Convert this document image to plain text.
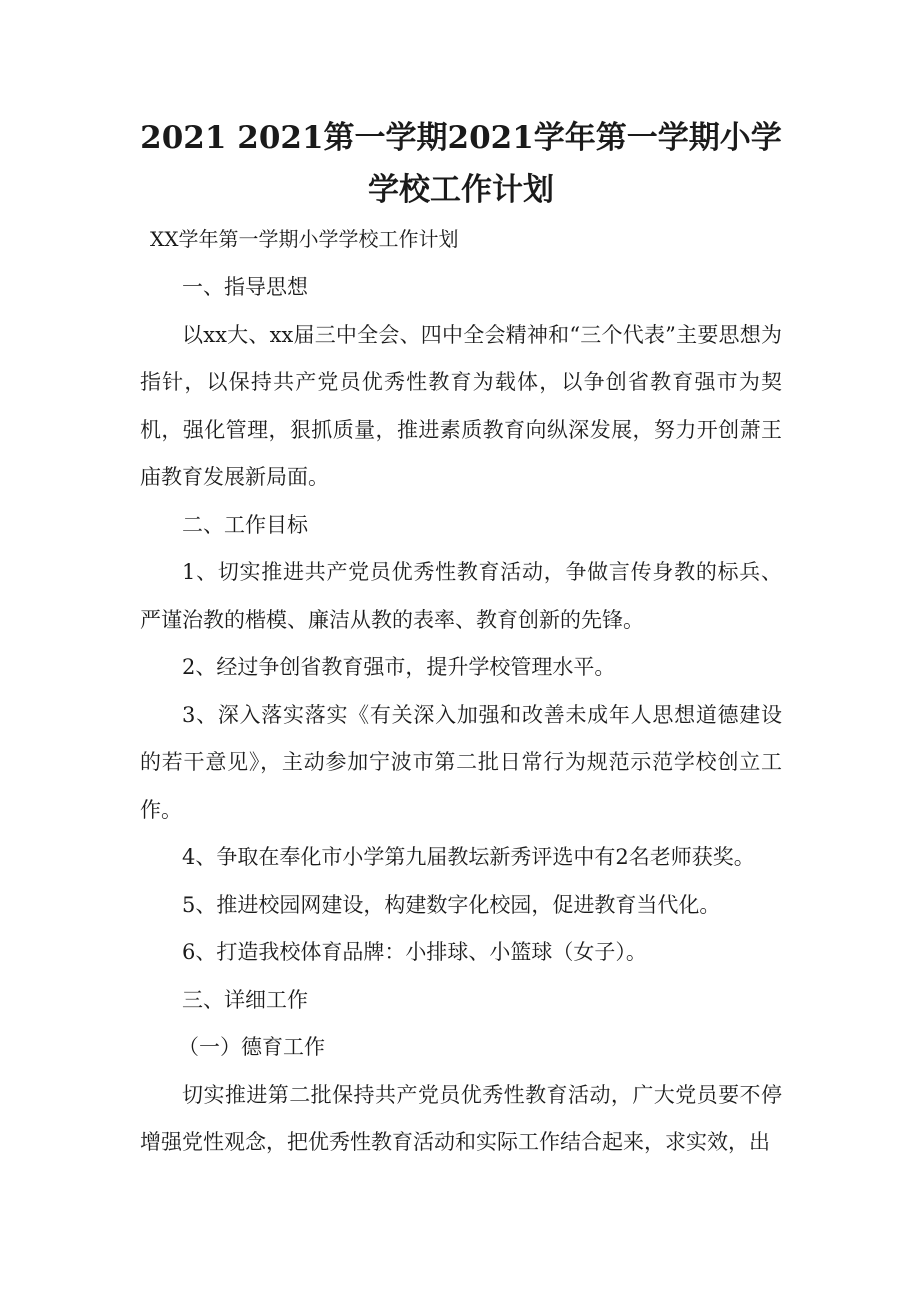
2021 2021第一学期2021学年第一学期小学学校工作计划

XX学年第一学期小学学校工作计划

一、指导思想

以xx大、xx届三中全会、四中全会精神和“三个代表”主要思想为指针，以保持共产党员优秀性教育为载体，以争创省教育强市为契机，强化管理，狠抓质量，推进素质教育向纵深发展，努力开创萧王庙教育发展新局面。

二、工作目标

1、切实推进共产党员优秀性教育活动，争做言传身教的标兵、严谨治教的楷模、廉洁从教的表率、教育创新的先锋。

2、经过争创省教育强市，提升学校管理水平。

3、深入落实落实《有关深入加强和改善未成年人思想道德建设的若干意见》，主动参加宁波市第二批日常行为规范示范学校创立工作。

4、争取在奉化市小学第九届教坛新秀评选中有2名老师获奖。

5、推进校园网建设，构建数字化校园，促进教育当代化。

6、打造我校体育品牌：小排球、小篮球（女子）。

三、详细工作

（一）德育工作

切实推进第二批保持共产党员优秀性教育活动，广大党员要不停增强党性观念，把优秀性教育活动和实际工作结合起来，求实效，出
